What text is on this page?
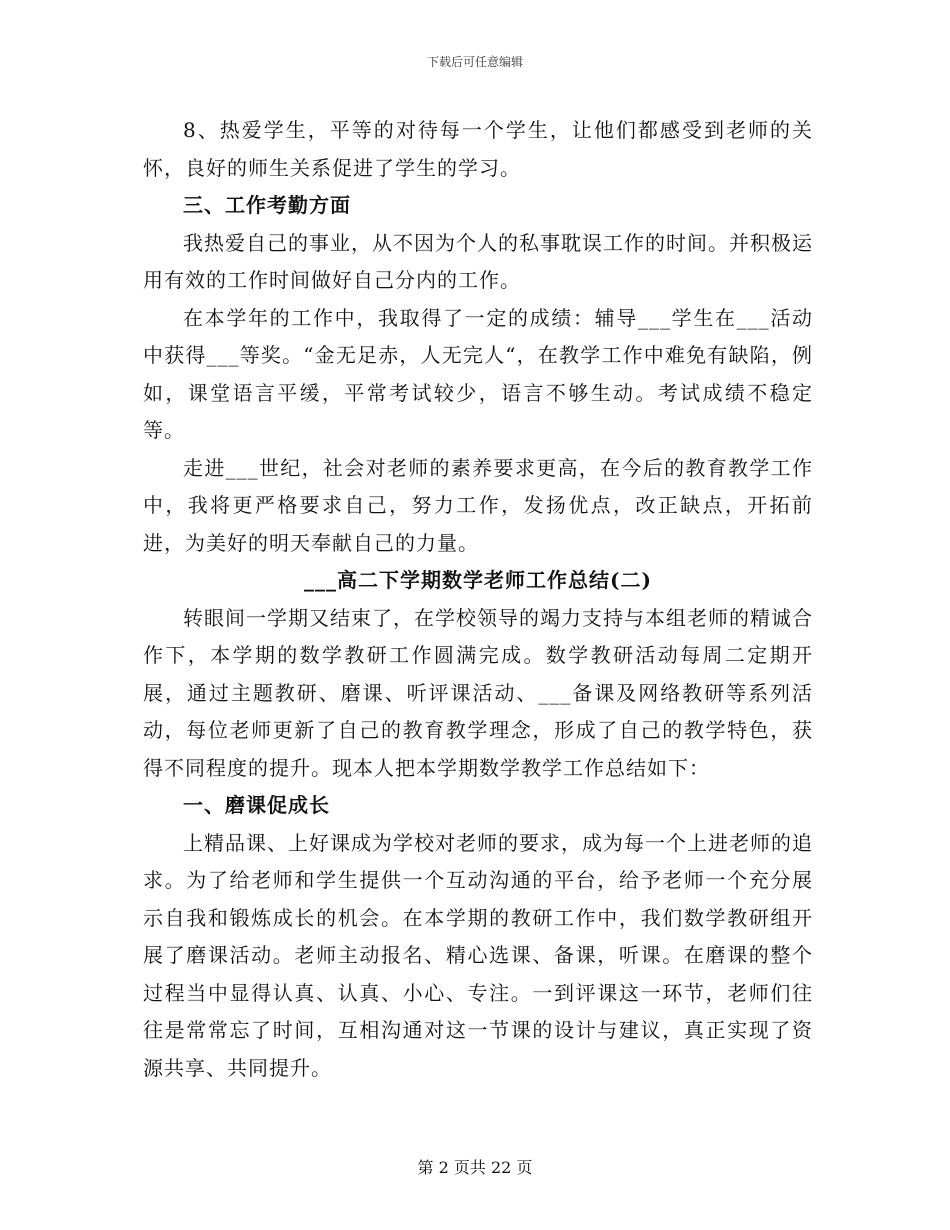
下载后可任意编辑

8、热爱学生，平等的对待每一个学生，让他们都感受到老师的关怀，良好的师生关系促进了学生的学习。

三、工作考勤方面

我热爱自己的事业，从不因为个人的私事耽误工作的时间。并积极运用有效的工作时间做好自己分内的工作。

在本学年的工作中，我取得了一定的成绩：辅导___学生在___活动中获得___等奖。“金无足赤，人无完人“，在教学工作中难免有缺陷，例如，课堂语言平缓，平常考试较少，语言不够生动。考试成绩不稳定等。

走进___世纪，社会对老师的素养要求更高，在今后的教育教学工作中，我将更严格要求自己，努力工作，发扬优点，改正缺点，开拓前进，为美好的明天奉献自己的力量。

___高二下学期数学老师工作总结(二)

转眼间一学期又结束了，在学校领导的竭力支持与本组老师的精诚合作下，本学期的数学教研工作圆满完成。数学教研活动每周二定期开展，通过主题教研、磨课、听评课活动、___备课及网络教研等系列活动，每位老师更新了自己的教育教学理念，形成了自己的教学特色，获得不同程度的提升。现本人把本学期数学教学工作总结如下：

一、磨课促成长

上精品课、上好课成为学校对老师的要求，成为每一个上进老师的追求。为了给老师和学生提供一个互动沟通的平台，给予老师一个充分展示自我和锻炼成长的机会。在本学期的教研工作中，我们数学教研组开展了磨课活动。老师主动报名、精心选课、备课，听课。在磨课的整个过程当中显得认真、认真、小心、专注。一到评课这一环节，老师们往往是常常忘了时间，互相沟通对这一节课的设计与建议，真正实现了资源共享、共同提升。

第 2 页共 22 页
